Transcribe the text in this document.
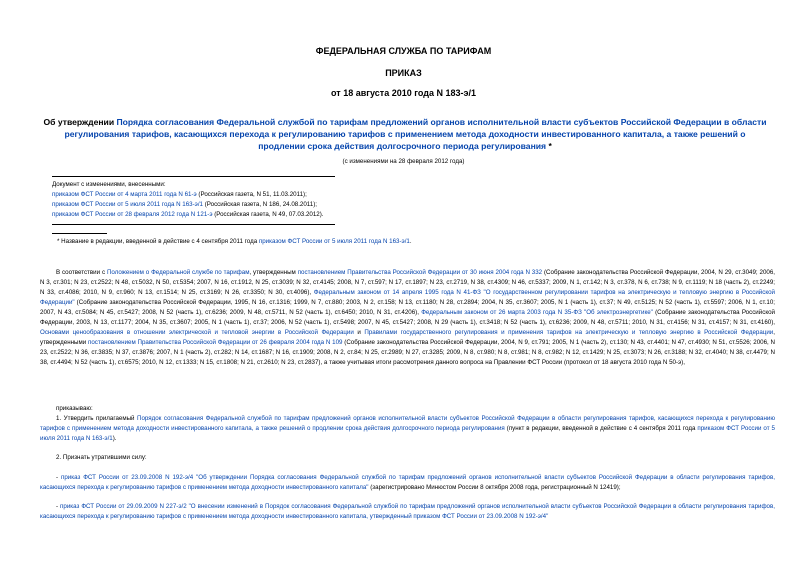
ФЕДЕРАЛЬНАЯ СЛУЖБА ПО ТАРИФАМ
ПРИКАЗ
от 18 августа 2010 года N 183-э/1
Об утверждении Порядка согласования Федеральной службой по тарифам предложений органов исполнительной власти субъектов Российской Федерации в области регулирования тарифов, касающихся перехода к регулированию тарифов с применением метода доходности инвестированного капитала, а также решений о продлении срока действия долгосрочного периода регулирования *
(с изменениями на 28 февраля 2012 года)
Документ с изменениями, внесенными:
приказом ФСТ России от 4 марта 2011 года N 61-э (Российская газета, N 51, 11.03.2011);
приказом ФСТ России от 5 июля 2011 года N 163-э/1 (Российская газета, N 186, 24.08.2011);
приказом ФСТ России от 28 февраля 2012 года N 121-э (Российская газета, N 49, 07.03.2012).
* Название в редакции, введенной в действие с 4 сентября 2011 года приказом ФСТ России от 5 июля 2011 года N 163-э/1.
В соответствии с Положением о Федеральной службе по тарифам, утвержденным постановлением Правительства Российской Федерации от 30 июня 2004 года N 332 (Собрание законодательства Российской Федерации, 2004, N 29, ст.3049; 2006, N 3, ст.301; N 23, ст.2522; N 48, ст.5032, N 50, ст.5354; 2007, N 16, ст.1912, N 25, ст.3039; N 32, ст.4145; 2008, N 7, ст.597; N 17, ст.1897; N 23, ст.2719, N 38, ст.4309; N 46, ст.5337; 2009, N 1, ст.142; N 3, ст.378, N 6, ст.738; N 9, ст.1119; N 18 (часть 2), ст.2249; N 33, ст.4086; 2010, N 9, ст.960; N 13, ст.1514; N 25, ст.3169; N 26, ст.3350; N 30, ст.4096), Федеральным законом от 14 апреля 1995 года N 41-ФЗ "О государственном регулировании тарифов на электрическую и тепловую энергию в Российской Федерации" (Собрание законодательства Российской Федерации, 1995, N 16, ст.1316; 1999, N 7, ст.880; 2003, N 2, ст.158; N 13, ст.1180; N 28, ст.2894; 2004, N 35, ст.3607; 2005, N 1 (часть 1), ст.37; N 49, ст.5125; N 52 (часть 1), ст.5597; 2006, N 1, ст.10; 2007, N 43, ст.5084; N 45, ст.5427; 2008, N 52 (часть 1), ст.6236; 2009, N 48, ст.5711, N 52 (часть 1), ст.6450; 2010, N 31, ст.4206), Федеральным законом от 26 марта 2003 года N 35-ФЗ "Об электроэнергетике" (Собрание законодательства Российской Федерации, 2003, N 13, ст.1177; 2004, N 35, ст.3607; 2005, N 1 (часть 1), ст.37; 2006, N 52 (часть 1), ст.5498; 2007, N 45, ст.5427; 2008, N 29 (часть 1), ст.3418; N 52 (часть 1), ст.6236; 2009, N 48, ст.5711; 2010, N 31, ст.4156; N 31, ст.4157; N 31, ст.4160), Основами ценообразования в отношении электрической и тепловой энергии в Российской Федерации и Правилами государственного регулирования и применения тарифов на электрическую и тепловую энергию в Российской Федерации, утвержденными постановлением Правительства Российской Федерации от 26 февраля 2004 года N 109 (Собрание законодательства Российской Федерации, 2004, N 9, ст.791; 2005, N 1 (часть 2), ст.130; N 43, ст.4401; N 47, ст.4930; N 51, ст.5526; 2006, N 23, ст.2522; N 36, ст.3835; N 37, ст.3876; 2007, N 1 (часть 2), ст.282; N 14, ст.1687; N 16, ст.1909; 2008, N 2, ст.84; N 25, ст.2989; N 27, ст.3285; 2009, N 8, ст.980; N 8, ст.981; N 8, ст.982; N 12, ст.1429; N 25, ст.3073; N 26, ст.3188; N 32, ст.4040; N 38, ст.4479; N 38, ст.4494; N 52 (часть 1), ст.6575; 2010, N 12, ст.1333; N 15, ст.1808; N 21, ст.2610; N 23, ст.2837), а также учитывая итоги рассмотрения данного вопроса на Правлении ФСТ России (протокол от 18 августа 2010 года N 50-э),
приказываю:
1. Утвердить прилагаемый Порядок согласования Федеральной службой по тарифам предложений органов исполнительной власти субъектов Российской Федерации в области регулирования тарифов, касающихся перехода к регулированию тарифов с применением метода доходности инвестированного капитала, а также решений о продлении срока действия долгосрочного периода регулирования (пункт в редакции, введенной в действие с 4 сентября 2011 года приказом ФСТ России от 5 июля 2011 года N 163-э/1).
2. Признать утратившими силу:
- приказ ФСТ России от 23.09.2008 N 192-э/4 "Об утверждении Порядка согласования Федеральной службой по тарифам предложений органов исполнительной власти субъектов Российской Федерации в области регулирования тарифов, касающихся перехода к регулированию тарифов с применением метода доходности инвестированного капитала" (зарегистрировано Минюстом России 8 октября 2008 года, регистрационный N 12419);
- приказ ФСТ России от 29.09.2009 N 227-э/2 "О внесении изменений в Порядок согласования Федеральной службой по тарифам предложений органов исполнительной власти субъектов Российской Федерации в области регулирования тарифов, касающихся перехода к регулированию тарифов с применением метода доходности инвестированного капитала, утвержденный приказом ФСТ России от 23.09.2008 N 192-э/4"
